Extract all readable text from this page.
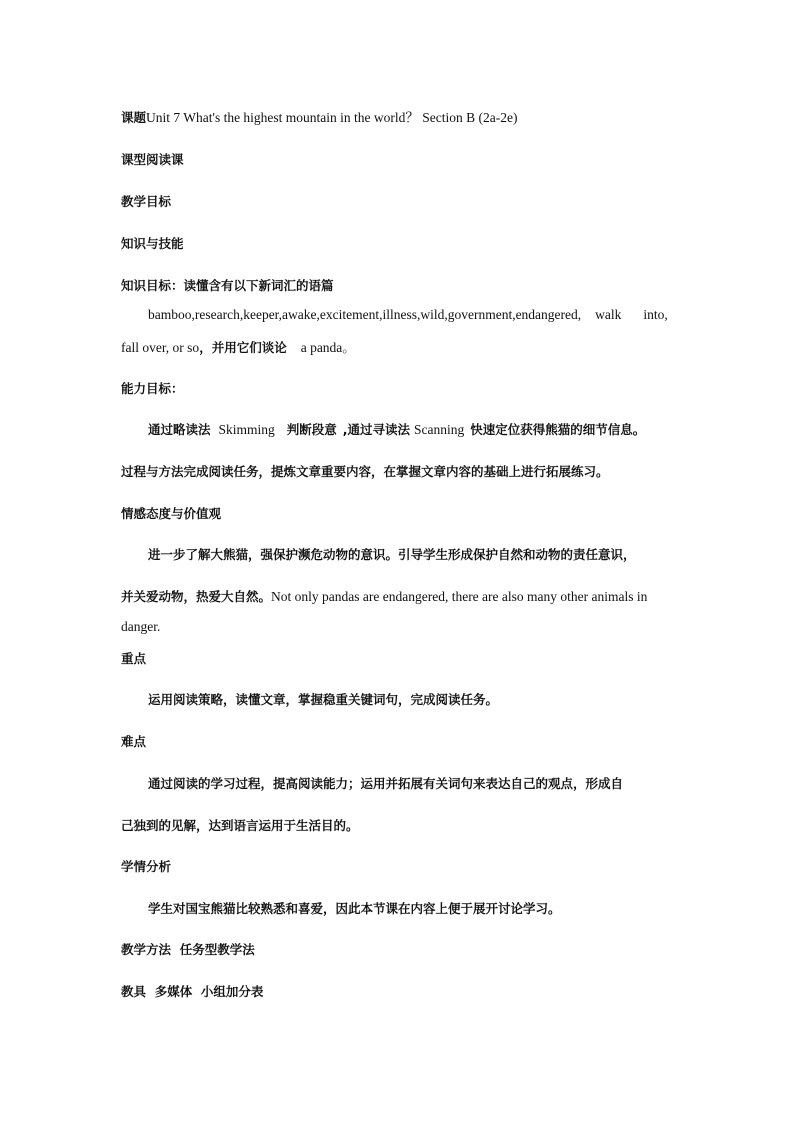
课题Unit 7 What's the highest mountain in the world？ Section B (2a-2e)
课型阅读课
教学目标
知识与技能
知识目标：读懂含有以下新词汇的语篇
bamboo,research,keeper,awake,excitement,illness,wild,government,endangered, walk into,
fall over, or so，并用它们谈论 a panda。
能力目标：
通过略读法 Skimming 判断段意 ,通过寻读法 Scanning 快速定位获得熊猫的细节信息。
过程与方法完成阅读任务，提炼文章重要内容，在掌握文章内容的基础上进行拓展练习。
情感态度与价值观
进一步了解大熊猫，强保护濒危动物的意识。引导学生形成保护自然和动物的责任意识，
并关爱动物，热爱大自然。Not only pandas are endangered, there are also many other animals in
danger.
重点
运用阅读策略，读懂文章，掌握稳重关键词句，完成阅读任务。
难点
通过阅读的学习过程，提高阅读能力；运用并拓展有关词句来表达自己的观点，形成自
己独到的见解，达到语言运用于生活目的。
学情分析
学生对国宝熊猫比较熟悉和喜爱，因此本节课在内容上便于展开讨论学习。
教学方法  任务型教学法
教具  多媒体  小组加分表
